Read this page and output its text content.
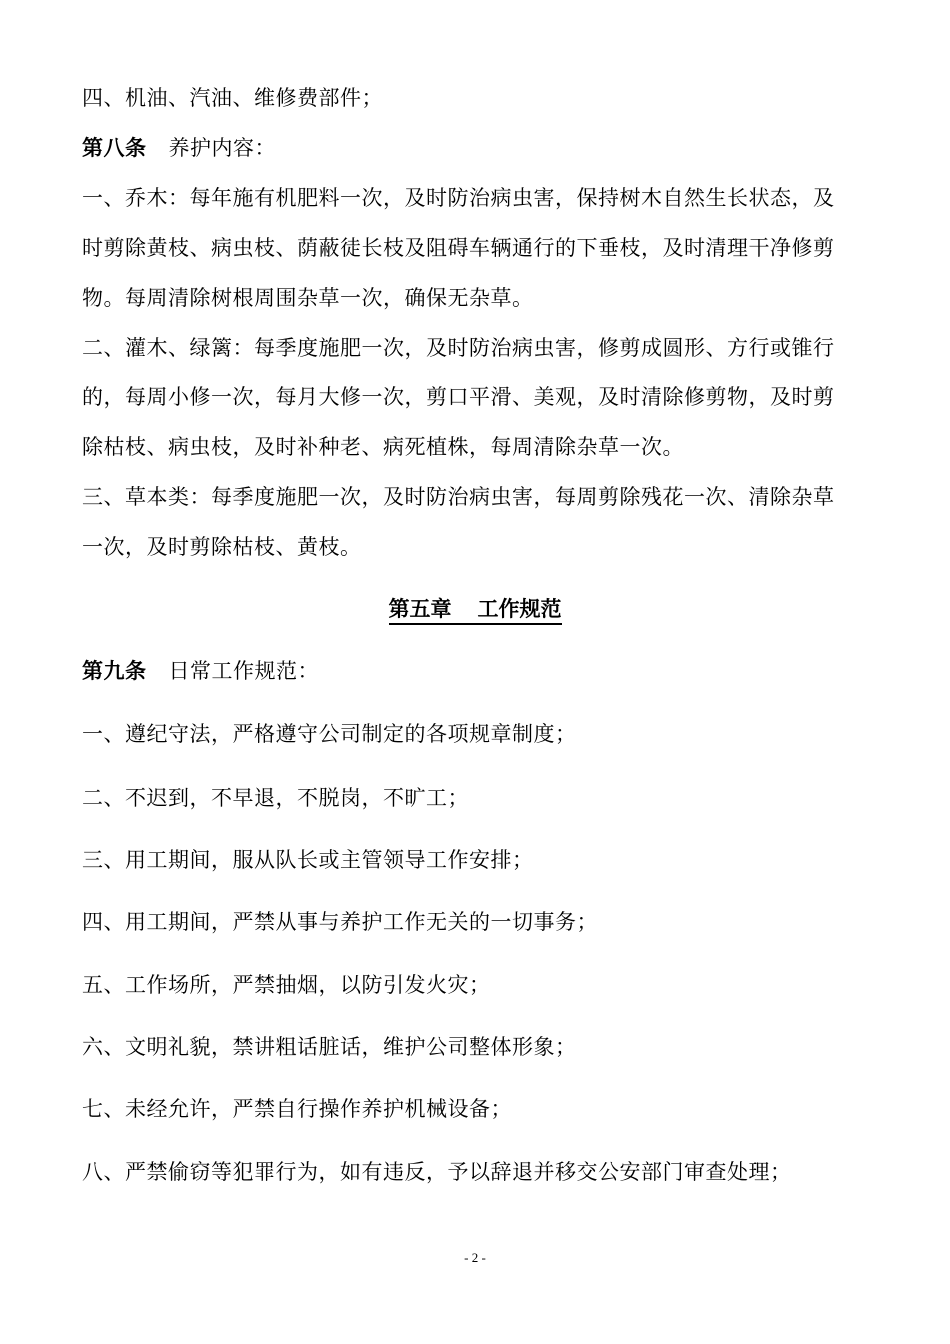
四、机油、汽油、维修费部件；
第八条 养护内容：
一、乔木：每年施有机肥料一次，及时防治病虫害，保持树木自然生长状态，及
时剪除黄枝、病虫枝、荫蔽徒长枝及阻碍车辆通行的下垂枝，及时清理干净修剪
物。每周清除树根周围杂草一次，确保无杂草。
二、灌木、绿篱：每季度施肥一次，及时防治病虫害，修剪成圆形、方行或锥行
的，每周小修一次，每月大修一次，剪口平滑、美观，及时清除修剪物，及时剪
除枯枝、病虫枝，及时补种老、病死植株，每周清除杂草一次。
三、草本类：每季度施肥一次，及时防治病虫害，每周剪除残花一次、清除杂草
一次，及时剪除枯枝、黄枝。
第五章 工作规范
第九条 日常工作规范：
一、遵纪守法，严格遵守公司制定的各项规章制度；
二、不迟到，不早退，不脱岗，不旷工；
三、用工期间，服从队长或主管领导工作安排；
四、用工期间，严禁从事与养护工作无关的一切事务；
五、工作场所，严禁抽烟，以防引发火灾；
六、文明礼貌，禁讲粗话脏话，维护公司整体形象；
七、未经允许，严禁自行操作养护机械设备；
八、严禁偷窃等犯罪行为，如有违反，予以辞退并移交公安部门审查处理；
- 2 -
